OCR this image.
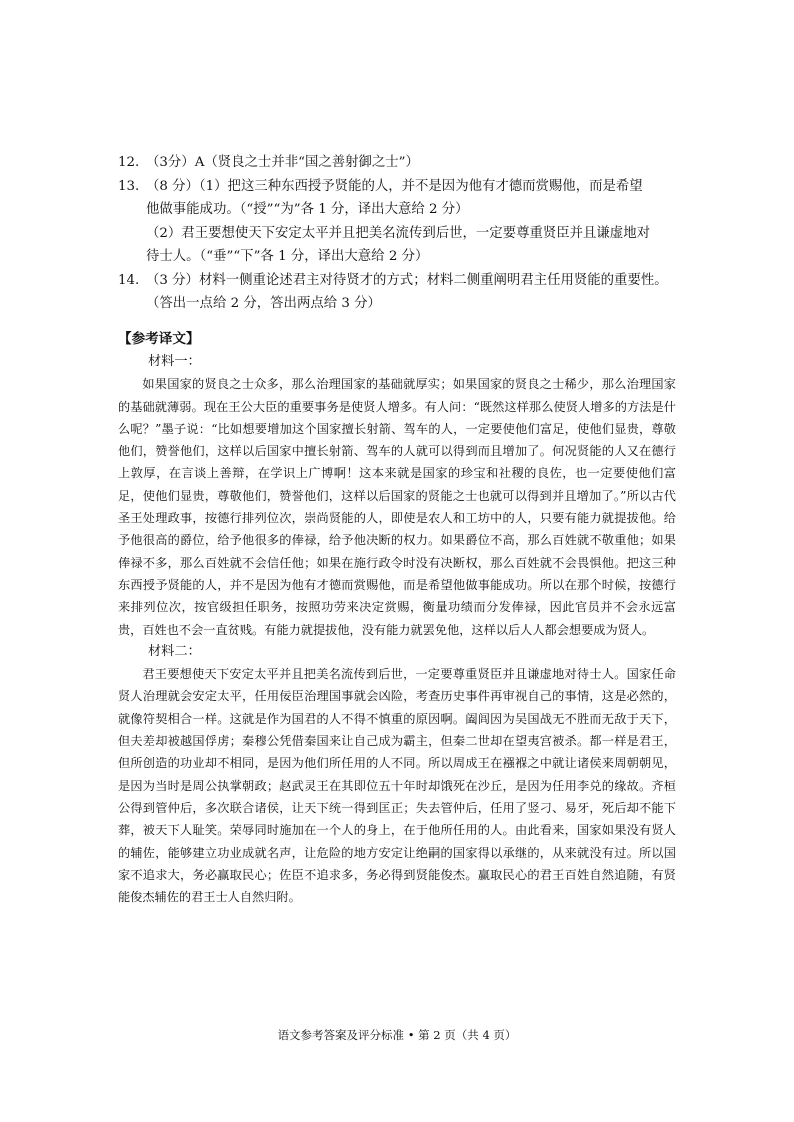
12. （3分）A（贤良之士并非“国之善射御之士”）
13. （8 分）（1）把这三种东西授予贤能的人，并不是因为他有才德而赏赐他，而是希望
他做事能成功。（“授”“为”各 1 分，译出大意给 2 分）
（2）君王要想使天下安定太平并且把美名流传到后世，一定要尊重贤臣并且谦虚地对
待士人。（“垂”“下”各 1 分，译出大意给 2 分）
14. （3 分）材料一侧重论述君主对待贤才的方式；材料二侧重阐明君主任用贤能的重要性。
（答出一点给 2 分，答出两点给 3 分）
【参考译文】
材料一：

如果国家的贤良之士众多，那么治理国家的基础就厚实；如果国家的贤良之士稀少，那么治理国家的基础就薄弱。现在王公大臣的重要事务是使贤人增多。有人问：“既然这样那么使贤人增多的方法是什么呢？”墨子说：“比如想要增加这个国家擅长射箭、驾车的人，一定要使他们富足，使他们显贵，尊敬他们，赞誉他们，这样以后国家中擅长射箭、驾车的人就可以得到而且增加了。何况贤能的人又在德行上敦厚，在言谈上善辩，在学识上广博啊！这本来就是国家的珍宝和社稷的良佐，也一定要使他们富足，使他们显贵，尊敬他们，赞誉他们，这样以后国家的贤能之士也就可以得到并且增加了。”所以古代圣王处理政事，按德行排列位次，崇尚贤能的人，即使是农人和工坊中的人，只要有能力就提拔他。给予他很高的爵位，给予他很多的俸禄，给予他决断的权力。如果爵位不高，那么百姓就不敬重他；如果俸禄不多，那么百姓就不会信任他；如果在施行政令时没有决断权，那么百姓就不会畏惧他。把这三种东西授予贤能的人，并不是因为他有才德而赏赐他，而是希望他做事能成功。所以在那个时候，按德行来排列位次，按官级担任职务，按照功劳来决定赏赐，衡量功绩而分发俸禄，因此官员并不会永远富贵，百姓也不会一直贫贱。有能力就提拔他，没有能力就罢免他，这样以后人人都会想要成为贤人。

材料二：

君王要想使天下安定太平并且把美名流传到后世，一定要尊重贤臣并且谦虚地对待士人。国家任命贤人治理就会安定太平，任用佞臣治理国事就会凶险，考查历史事件再审视自己的事情，这是必然的，就像符契相合一样。这就是作为国君的人不得不慎重的原因啊。阖闾因为吴国战无不胜而无敌于天下，但夫差却被越国俘虏；秦穆公凭借秦国来让自己成为霸主，但秦二世却在望夷宫被杀。都一样是君王，但所创造的功业却不相同，是因为他们所任用的人不同。所以周成王在襁褓之中就让诸侯来周朝朝见，是因为当时是周公执掌朝政；赵武灵王在其即位五十年时却饿死在沙丘，是因为任用李兑的缘故。齐桓公得到管仲后，多次联合诸侯，让天下统一得到匡正；失去管仲后，任用了竖刁、易牙，死后却不能下葬，被天下人耻笑。荣辱同时施加在一个人的身上，在于他所任用的人。由此看来，国家如果没有贤人的辅佐，能够建立功业成就名声，让危险的地方安定让绝嗣的国家得以承继的，从来就没有过。所以国家不追求大，务必赢取民心；佐臣不追求多，务必得到贤能俊杰。赢取民心的君王百姓自然追随，有贤能俊杰辅佐的君王士人自然归附。

语文参考答案及评分标准 • 第 2 页（共 4 页）
